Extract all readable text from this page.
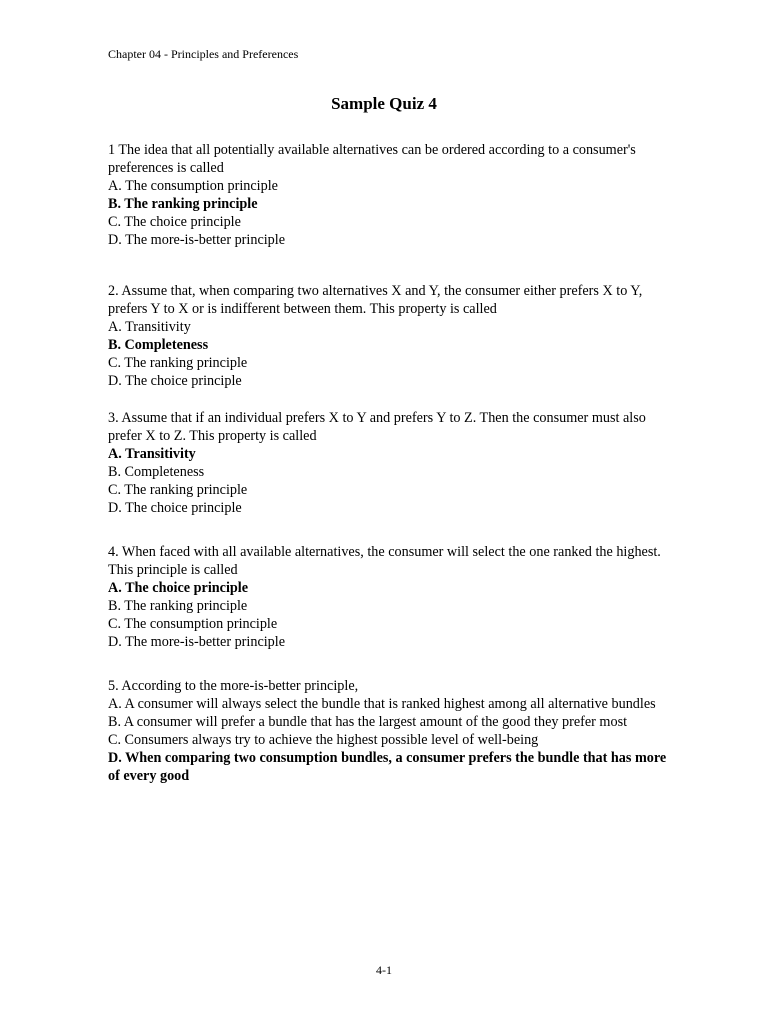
Chapter 04 - Principles and Preferences
Sample Quiz 4
1 The idea that all potentially available alternatives can be ordered according to a consumer's preferences is called
A. The consumption principle
B. The ranking principle
C. The choice principle
D. The more-is-better principle
2. Assume that, when comparing two alternatives X and Y, the consumer either prefers X to Y, prefers Y to X or is indifferent between them. This property is called
A. Transitivity
B. Completeness
C. The ranking principle
D. The choice principle
3. Assume that if an individual prefers X to Y and prefers Y to Z. Then the consumer must also prefer X to Z. This property is called
A. Transitivity
B. Completeness
C. The ranking principle
D. The choice principle
4. When faced with all available alternatives, the consumer will select the one ranked the highest. This principle is called
A. The choice principle
B. The ranking principle
C. The consumption principle
D. The more-is-better principle
5. According to the more-is-better principle,
A. A consumer will always select the bundle that is ranked highest among all alternative bundles
B. A consumer will prefer a bundle that has the largest amount of the good they prefer most
C. Consumers always try to achieve the highest possible level of well-being
D. When comparing two consumption bundles, a consumer prefers the bundle that has more of every good
4-1
